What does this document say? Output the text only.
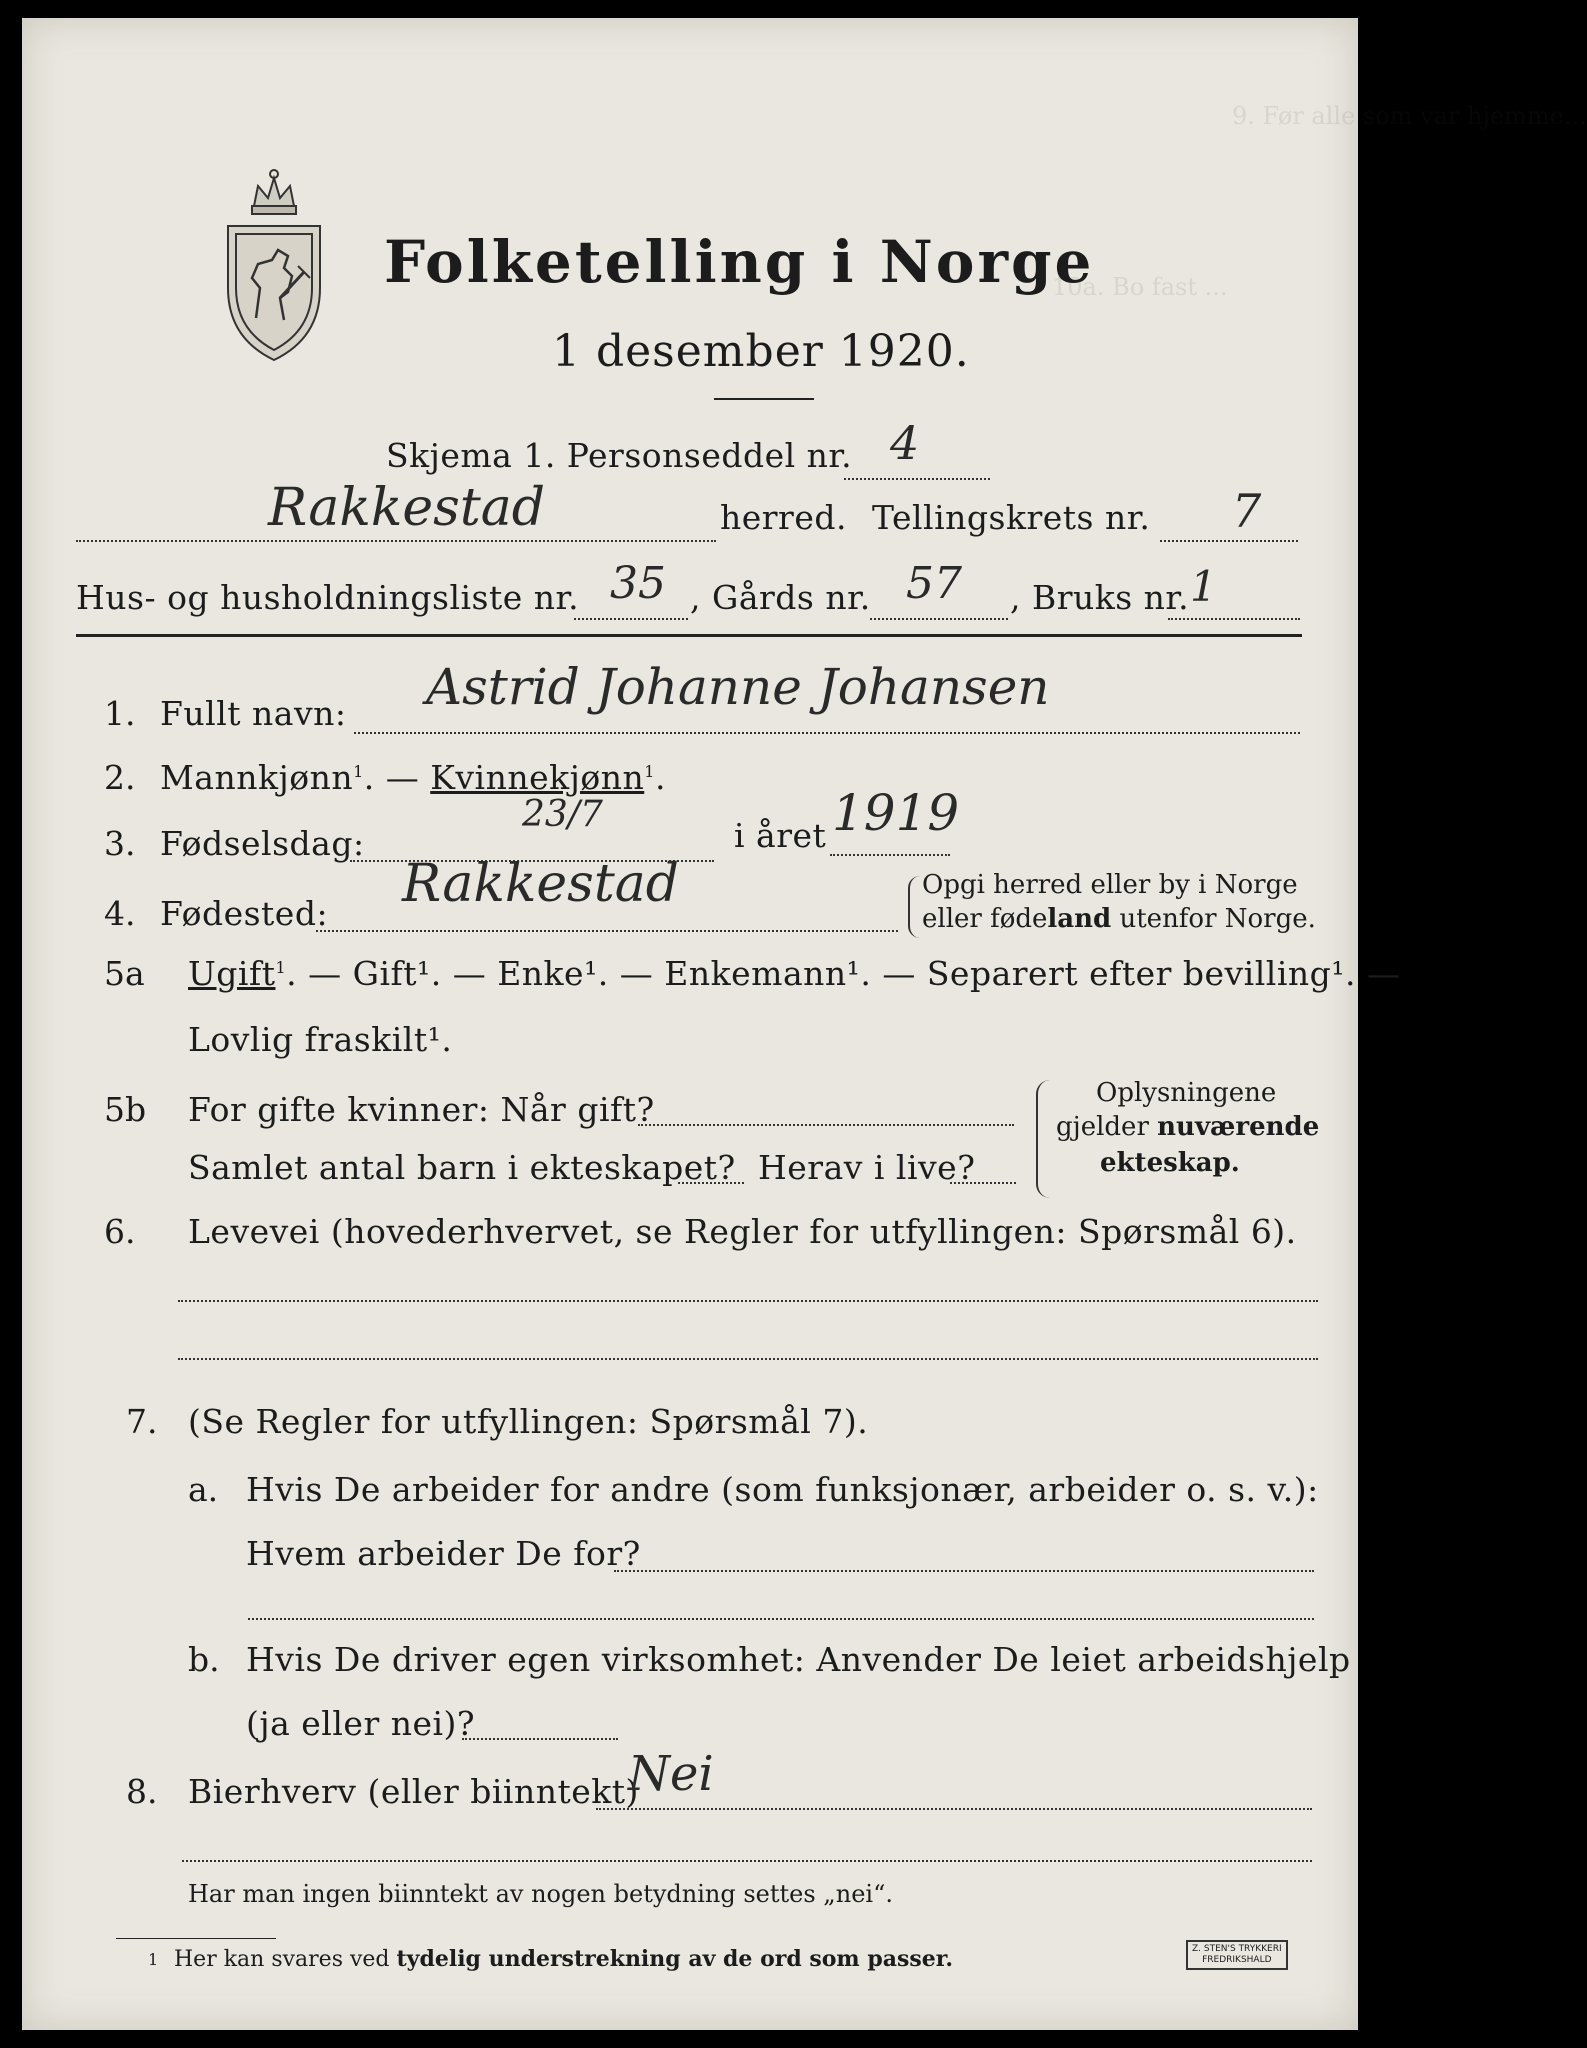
9. Før alle som var hjemme...
10a. Bo fast ...
Folketelling i Norge
1 desember 1920.
Skjema 1. Personseddel nr. 4
Rakkestad	herred. Tellingskrets nr. 7
Hus- og husholdningsliste nr. 35 , Gårds nr. 57 , Bruks nr. 1
1. Fullt navn: Astrid Johanne Johansen
2. Mannkjønn$^1$. — Kvinnekjønn$^1$.
3. Fødselsdag:
23/7
i året 1919
4. Fødested: Rakkestad	Opgi herred eller by i Norge
eller fødeland utenfor Norge.
5a Ugift$^1$. — Gift¹. — Enke¹. — Enkemann¹. — Separert efter bevilling¹. —
Lovlig fraskilt¹.
5b For gifte kvinner: Når gift?
Samlet antal barn i ekteskapet? Herav i live?
Oplysningene
gjelder nuværende
ekteskap.
6. Levevei (hovederhvervet, se Regler for utfyllingen: Spørsmål 6).
7. (Se Regler for utfyllingen: Spørsmål 7).
a. Hvis De arbeider for andre (som funksjonær, arbeider o. s. v.):
Hvem arbeider De for?
b. Hvis De driver egen virksomhet: Anvender De leiet arbeidshjelp
(ja eller nei)?
8. Bierhverv (eller biinntekt)
Nei
Har man ingen biinntekt av nogen betydning settes „nei“.
1 Her kan svares ved tydelig understrekning av de ord som passer.	Z. STEN'S TRYKKERI
FREDRIKSHALD
